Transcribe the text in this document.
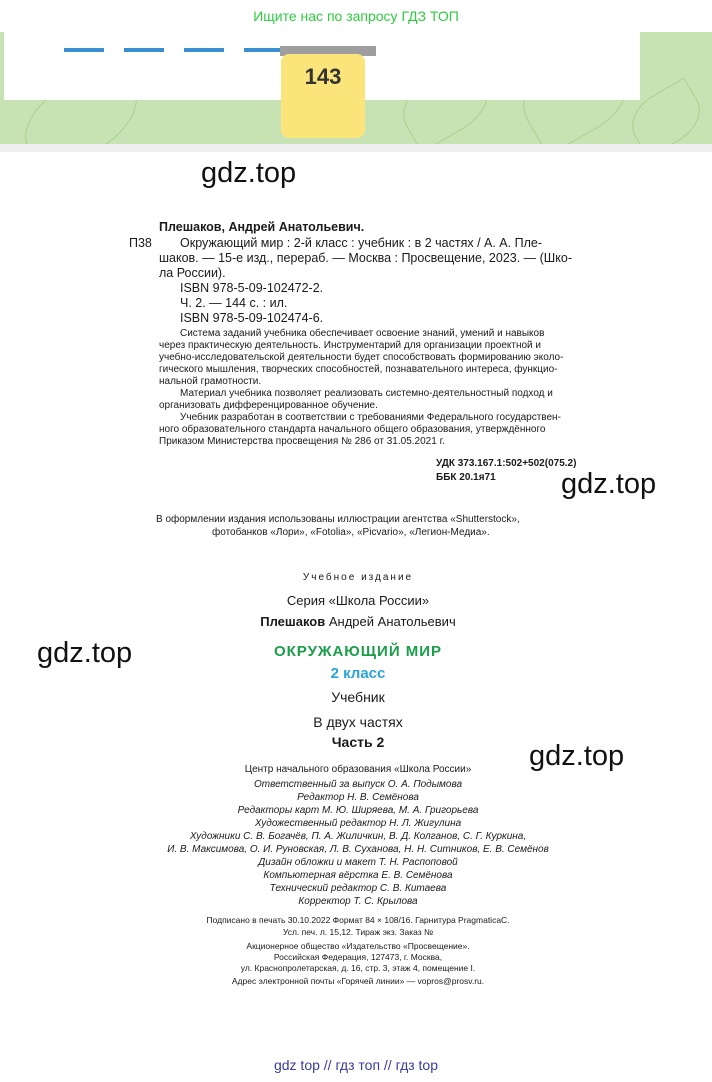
Ищите нас по запросу ГДЗ ТОП
143
gdz.top
gdz.top
gdz.top
gdz.top
Плешаков, Андрей Анатольевич.
П38 Окружающий мир : 2-й класс : учебник : в 2 частях / А. А. Пле-
шаков. — 15-е изд., перераб. — Москва : Просвещение, 2023. — (Шко-
ла России).
ISBN 978-5-09-102472-2.
Ч. 2. — 144 с. : ил.
ISBN 978-5-09-102474-6.
Система заданий учебника обеспечивает освоение знаний, умений и навыков
через практическую деятельность. Инструментарий для организации проектной и
учебно-исследовательской деятельности будет способствовать формированию эколо-
гического мышления, творческих способностей, познавательного интереса, функцио-
нальной грамотности.
Материал учебника позволяет реализовать системно-деятельностный подход и
организовать дифференцированное обучение.
Учебник разработан в соответствии с требованиями Федерального государствен-
ного образовательного стандарта начального общего образования, утверждённого
Приказом Министерства просвещения № 286 от 31.05.2021 г.
УДК 373.167.1:502+502(075.2)
ББК 20.1я71
В оформлении издания использованы иллюстрации агентства «Shutterstock»,
фотобанков «Лори», «Fotolia», «Picvario», «Легион-Медиа».
Учебное издание
Серия «Школа России»
Плешаков Андрей Анатольевич
ОКРУЖАЮЩИЙ МИР
2 класс
Учебник
В двух частях
Часть 2
Центр начального образования «Школа России»
Ответственный за выпуск О. А. Подымова
Редактор Н. В. Семёнова
Редакторы карт М. Ю. Ширяева, М. А. Григорьева
Художественный редактор Н. Л. Жигулина
Художники С. В. Богачёв, П. А. Жиличкин, В. Д. Колганов, С. Г. Куркина,
И. В. Максимова, О. И. Руновская, Л. В. Суханова, Н. Н. Ситников, Е. В. Семёнов
Дизайн обложки и макет Т. Н. Распоповой
Компьютерная вёрстка Е. В. Семёнова
Технический редактор С. В. Китаева
Корректор Т. С. Крылова
Подписано в печать 30.10.2022 Формат 84 × 108/16. Гарнитура PragmaticaC.
Усл. печ. л. 15,12. Тираж экз. Заказ №
Акционерное общество «Издательство «Просвещение».
Российская Федерация, 127473, г. Москва,
ул. Краснопролетарская, д. 16, стр. 3, этаж 4, помещение I.
Адрес электронной почты «Горячей линии» — vopros@prosv.ru.
gdz top // гдз топ // гдз top
